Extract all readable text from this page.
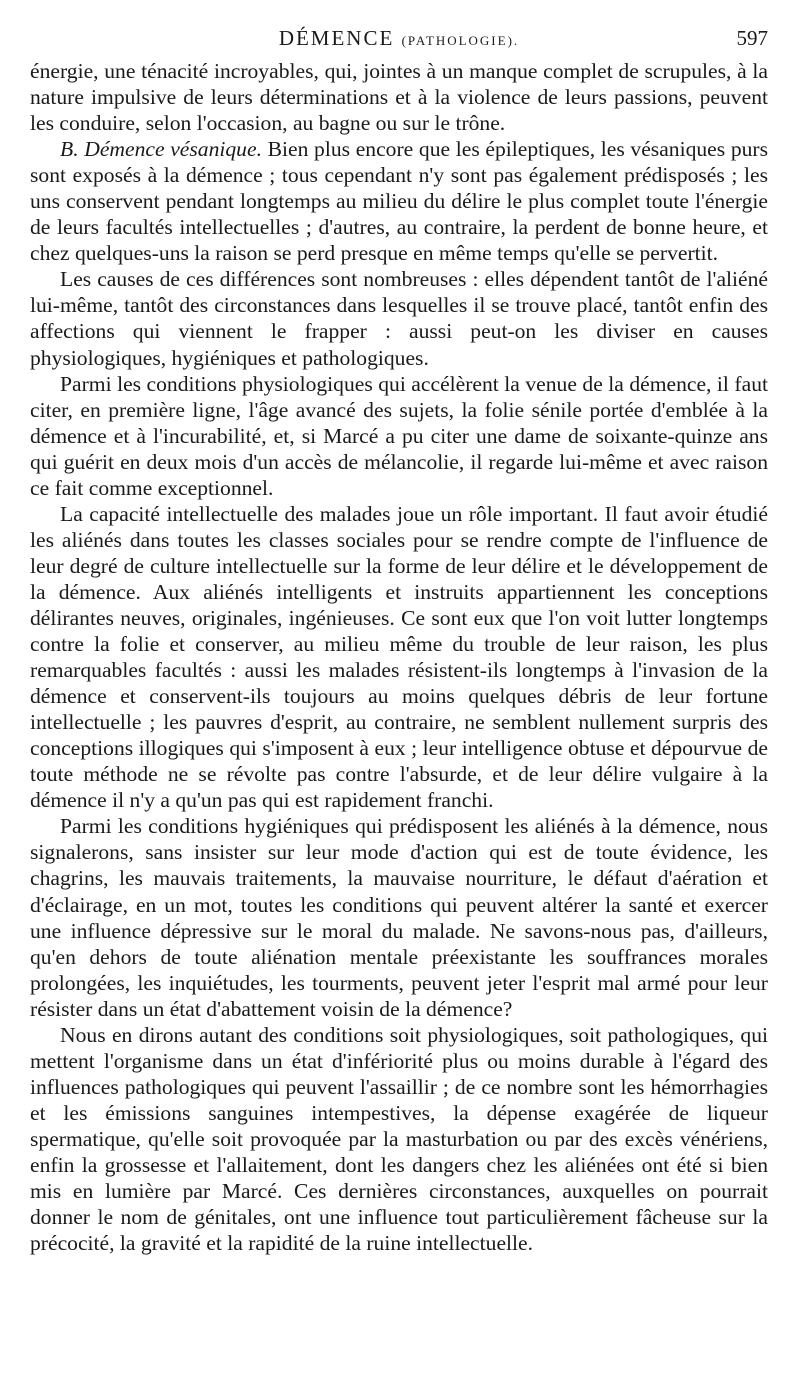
DÉMENCE (PATHOLOGIE).	597

énergie, une ténacité incroyables, qui, jointes à un manque complet de scrupules, à la nature impulsive de leurs déterminations et à la violence de leurs passions, peuvent les conduire, selon l'occasion, au bagne ou sur le trône.

B. Démence vésanique. Bien plus encore que les épileptiques, les vésaniques purs sont exposés à la démence ; tous cependant n'y sont pas également prédisposés ; les uns conservent pendant longtemps au milieu du délire le plus complet toute l'énergie de leurs facultés intellectuelles ; d'autres, au contraire, la perdent de bonne heure, et chez quelques-uns la raison se perd presque en même temps qu'elle se pervertit.

Les causes de ces différences sont nombreuses : elles dépendent tantôt de l'aliéné lui-même, tantôt des circonstances dans lesquelles il se trouve placé, tantôt enfin des affections qui viennent le frapper : aussi peut-on les diviser en causes physiologiques, hygiéniques et pathologiques.

Parmi les conditions physiologiques qui accélèrent la venue de la démence, il faut citer, en première ligne, l'âge avancé des sujets, la folie sénile portée d'emblée à la démence et à l'incurabilité, et, si Marcé a pu citer une dame de soixante-quinze ans qui guérit en deux mois d'un accès de mélancolie, il regarde lui-même et avec raison ce fait comme exceptionnel.

La capacité intellectuelle des malades joue un rôle important. Il faut avoir étudié les aliénés dans toutes les classes sociales pour se rendre compte de l'influence de leur degré de culture intellectuelle sur la forme de leur délire et le développement de la démence. Aux aliénés intelligents et instruits appartiennent les conceptions délirantes neuves, originales, ingénieuses. Ce sont eux que l'on voit lutter longtemps contre la folie et conserver, au milieu même du trouble de leur raison, les plus remarquables facultés : aussi les malades résistent-ils longtemps à l'invasion de la démence et conservent-ils toujours au moins quelques débris de leur fortune intellectuelle ; les pauvres d'esprit, au contraire, ne semblent nullement surpris des conceptions illogiques qui s'imposent à eux ; leur intelligence obtuse et dépourvue de toute méthode ne se révolte pas contre l'absurde, et de leur délire vulgaire à la démence il n'y a qu'un pas qui est rapidement franchi.

Parmi les conditions hygiéniques qui prédisposent les aliénés à la démence, nous signalerons, sans insister sur leur mode d'action qui est de toute évidence, les chagrins, les mauvais traitements, la mauvaise nourriture, le défaut d'aération et d'éclairage, en un mot, toutes les conditions qui peuvent altérer la santé et exercer une influence dépressive sur le moral du malade. Ne savons-nous pas, d'ailleurs, qu'en dehors de toute aliénation mentale préexistante les souffrances morales prolongées, les inquiétudes, les tourments, peuvent jeter l'esprit mal armé pour leur résister dans un état d'abattement voisin de la démence?

Nous en dirons autant des conditions soit physiologiques, soit pathologiques, qui mettent l'organisme dans un état d'infériorité plus ou moins durable à l'égard des influences pathologiques qui peuvent l'assaillir ; de ce nombre sont les hémorrhagies et les émissions sanguines intempestives, la dépense exagérée de liqueur spermatique, qu'elle soit provoquée par la masturbation ou par des excès vénériens, enfin la grossesse et l'allaitement, dont les dangers chez les aliénées ont été si bien mis en lumière par Marcé. Ces dernières circonstances, auxquelles on pourrait donner le nom de génitales, ont une influence tout particulièrement fâcheuse sur la précocité, la gravité et la rapidité de la ruine intellectuelle.
